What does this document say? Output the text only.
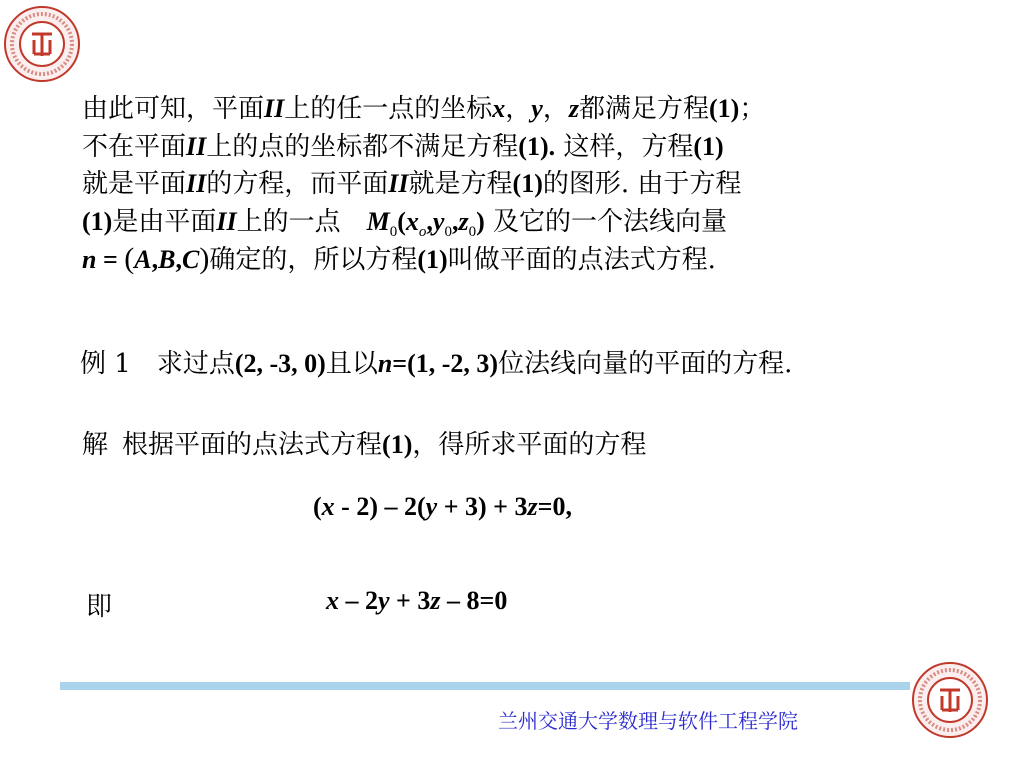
由此可知，平面II上的任一点的坐标x，y，z都满足方程(1)；
不在平面II上的点的坐标都不满足方程(1). 这样，方程(1)
就是平面II的方程，而平面II就是方程(1)的图形. 由于方程
(1)是由平面II上的一点 $M_0(x_o,y_0,z_0)$ 及它的一个法线向量
n = (A,B,C)确定的，所以方程(1)叫做平面的点法式方程.
例 1 求过点(2, -3, 0)且以n=(1, -2, 3)位法线向量的平面的方程.
解 根据平面的点法式方程(1)，得所求平面的方程
(x - 2) – 2(y + 3) + 3z=0,
即	x – 2y + 3z – 8=0
兰州交通大学数理与软件工程学院
